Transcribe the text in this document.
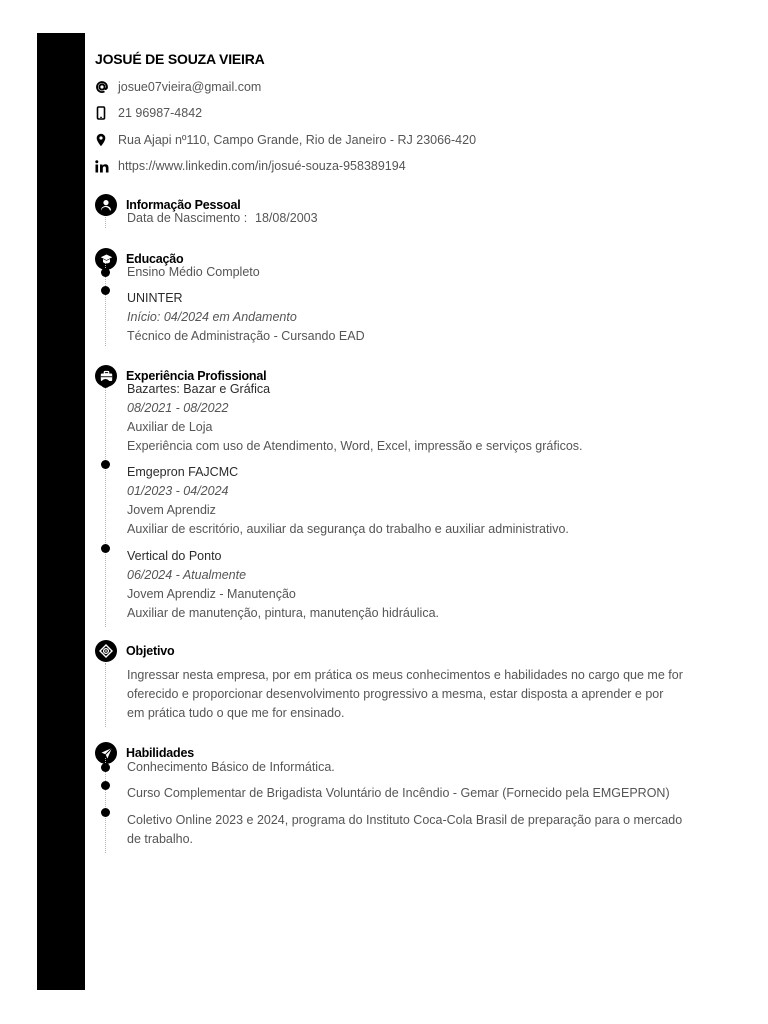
JOSUÉ DE SOUZA VIEIRA
josue07vieira@gmail.com
21 96987-4842
Rua Ajapi nº110, Campo Grande, Rio de Janeiro - RJ 23066-420
https://www.linkedin.com/in/josué-souza-958389194
Informação Pessoal
Data de Nascimento : 18/08/2003
Educação
Ensino Médio Completo
UNINTER
Início: 04/2024 em Andamento
Técnico de Administração - Cursando EAD
Experiência Profissional
Bazartes: Bazar e Gráfica
08/2021 - 08/2022
Auxiliar de Loja
Experiência com uso de Atendimento, Word, Excel, impressão e serviços gráficos.
Emgepron FAJCMC
01/2023 - 04/2024
Jovem Aprendiz
Auxiliar de escritório, auxiliar da segurança do trabalho e auxiliar administrativo.
Vertical do Ponto
06/2024 - Atualmente
Jovem Aprendiz - Manutenção
Auxiliar de manutenção, pintura, manutenção hidráulica.
Objetivo
Ingressar nesta empresa, por em prática os meus conhecimentos e habilidades no cargo que me for
oferecido e proporcionar desenvolvimento progressivo a mesma, estar disposta a aprender e por
em prática tudo o que me for ensinado.
Habilidades
Conhecimento Básico de Informática.
Curso Complementar de Brigadista Voluntário de Incêndio - Gemar (Fornecido pela EMGEPRON)
Coletivo Online 2023 e 2024, programa do Instituto Coca-Cola Brasil de preparação para o mercado
de trabalho.
